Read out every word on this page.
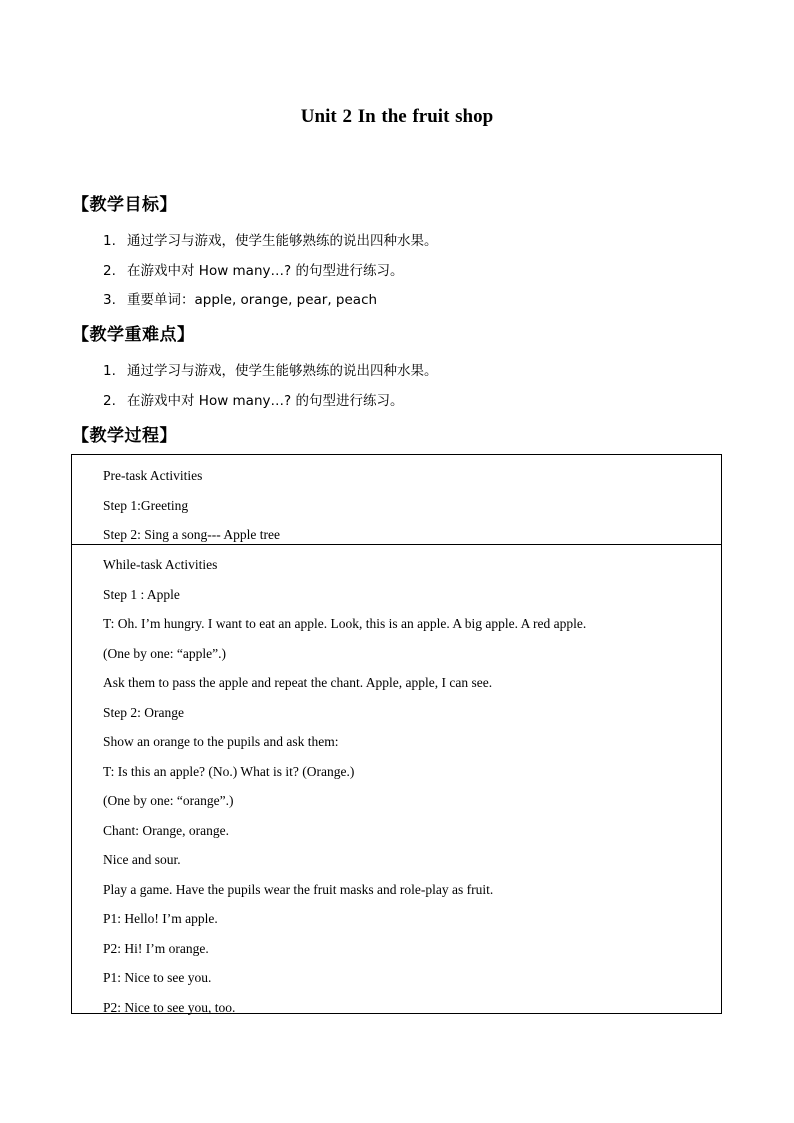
Unit 2 In the fruit shop
【教学目标】
1. 通过学习与游戏，使学生能够熟练的说出四种水果。
2. 在游戏中对 How many…? 的句型进行练习。
3. 重要单词：apple, orange, pear, peach
【教学重难点】
1. 通过学习与游戏，使学生能够熟练的说出四种水果。
2. 在游戏中对 How many…? 的句型进行练习。
【教学过程】
Pre-task Activities
Step 1:Greeting
Step 2: Sing a song--- Apple tree
While-task Activities
Step 1 : Apple
T: Oh. I’m hungry. I want to eat an apple. Look, this is an apple. A big apple. A red apple.
(One by one: “apple”.)
Ask them to pass the apple and repeat the chant. Apple, apple, I can see.
Step 2: Orange
Show an orange to the pupils and ask them:
T: Is this an apple? (No.) What is it? (Orange.)
(One by one: “orange”.)
Chant: Orange, orange.
Nice and sour.
Play a game. Have the pupils wear the fruit masks and role-play as fruit.
P1: Hello! I’m apple.
P2: Hi! I’m orange.
P1: Nice to see you.
P2: Nice to see you, too.
